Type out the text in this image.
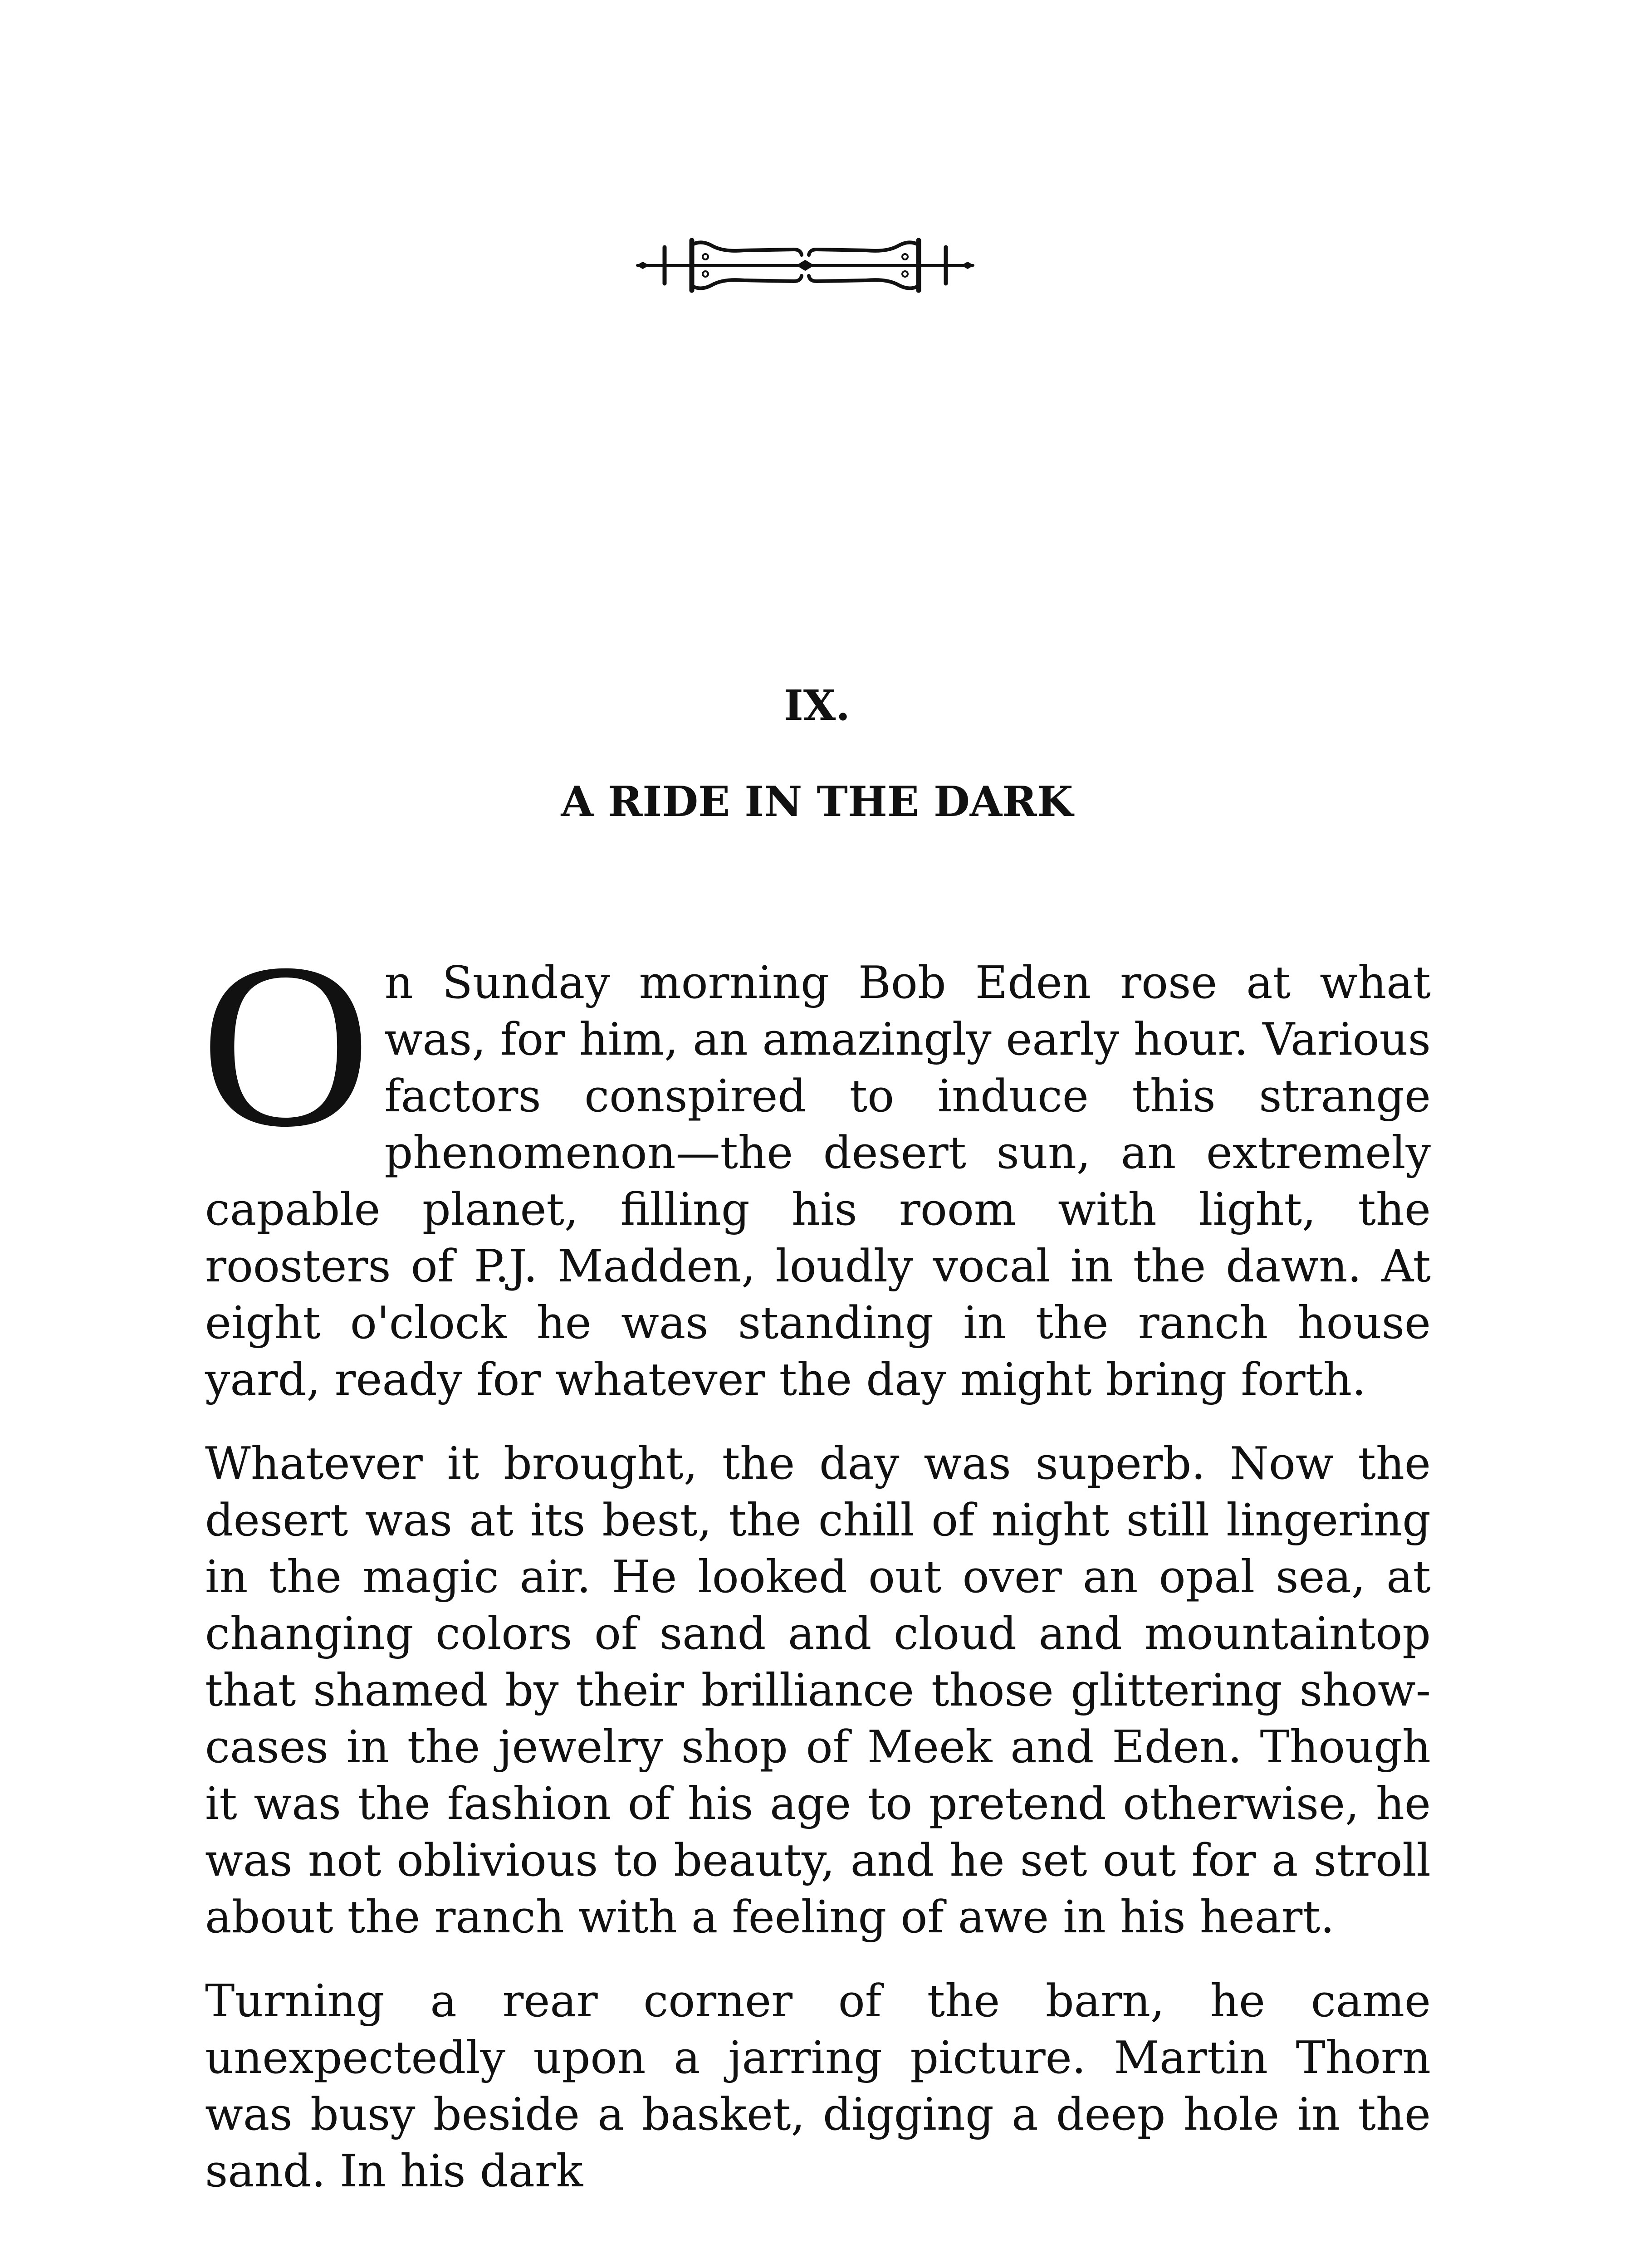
IX.
A RIDE IN THE DARK

On Sunday morning Bob Eden rose at what was, for him, an amazingly early hour. Various factors conspired to induce this strange phenomenon—the desert sun, an extremely capable planet, filling his room with light, the roosters of P.J. Madden, loudly vocal in the dawn. At eight o'clock he was standing in the ranch house yard, ready for whatever the day might bring forth.

Whatever it brought, the day was superb. Now the desert was at its best, the chill of night still lingering in the magic air. He looked out over an opal sea, at changing colors of sand and cloud and mountaintop that shamed by their brilliance those glittering show-cases in the jewelry shop of Meek and Eden. Though it was the fashion of his age to pretend otherwise, he was not oblivious to beauty, and he set out for a stroll about the ranch with a feeling of awe in his heart.

Turning a rear corner of the barn, he came unexpectedly upon a jarring picture. Martin Thorn was busy beside a basket, digging a deep hole in the sand. In his dark
